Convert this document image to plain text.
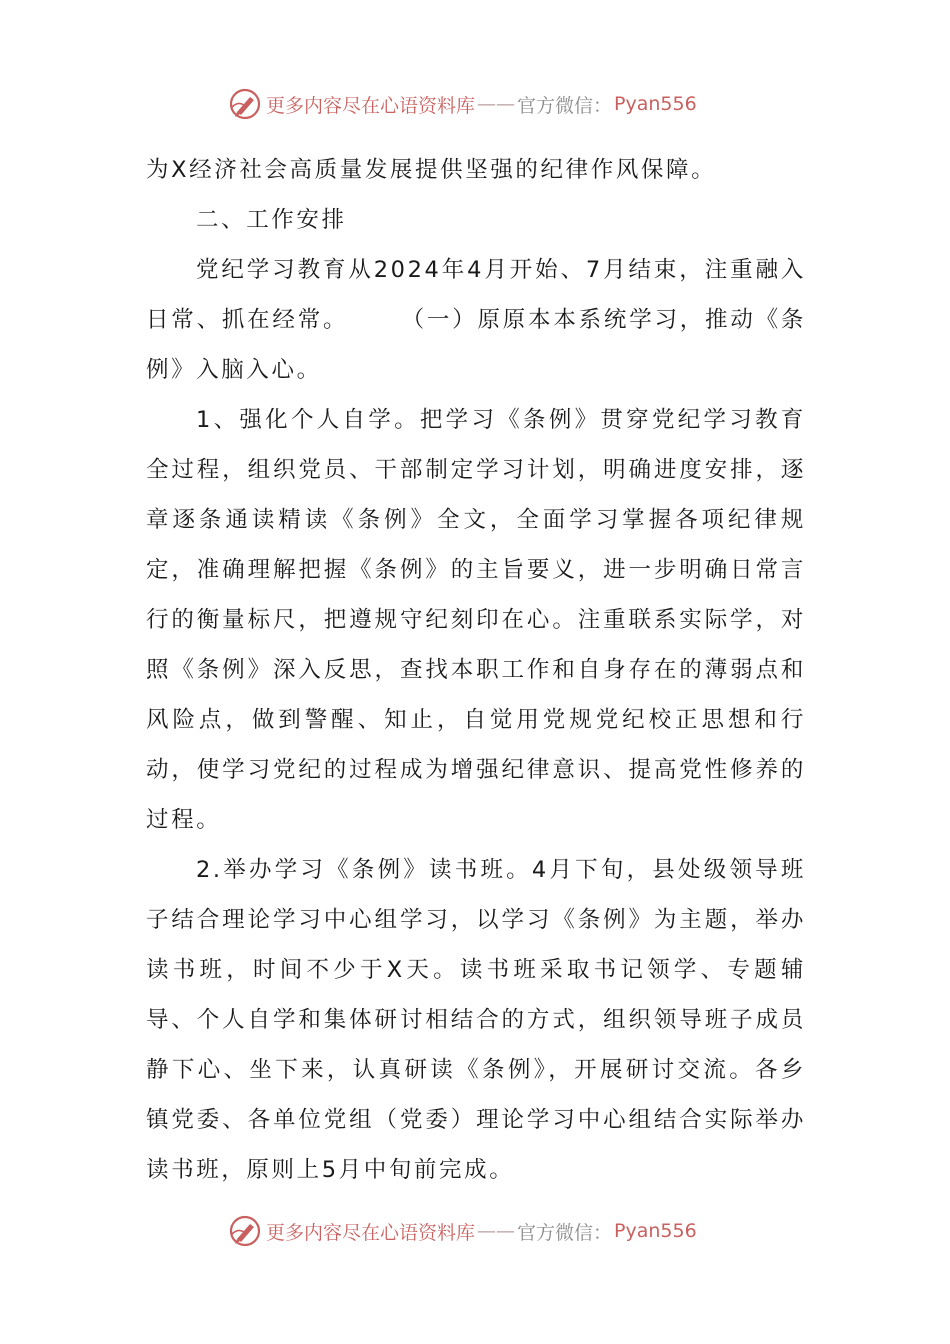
更多内容尽在心语资料库 —— 官方微信： Pyan556

为X经济社会高质量发展提供坚强的纪律作风保障。

二、工作安排

党纪学习教育从2024年4月开始、7月结束，注重融入日常、抓在经常。　　　（一）原原本本系统学习，推动《条例》入脑入心。

1、强化个人自学。把学习《条例》贯穿党纪学习教育全过程，组织党员、干部制定学习计划，明确进度安排，逐章逐条通读精读《条例》全文，全面学习掌握各项纪律规定，准确理解把握《条例》的主旨要义，进一步明确日常言行的衡量标尺，把遵规守纪刻印在心。注重联系实际学，对照《条例》深入反思，查找本职工作和自身存在的薄弱点和风险点，做到警醒、知止，自觉用党规党纪校正思想和行动，使学习党纪的过程成为增强纪律意识、提高党性修养的过程。

2.举办学习《条例》读书班。4月下旬，县处级领导班子结合理论学习中心组学习，以学习《条例》为主题，举办读书班，时间不少于X天。读书班采取书记领学、专题辅导、个人自学和集体研讨相结合的方式，组织领导班子成员静下心、坐下来，认真研读《条例》，开展研讨交流。各乡镇党委、各单位党组（党委）理论学习中心组结合实际举办读书班，原则上5月中旬前完成。

更多内容尽在心语资料库 —— 官方微信： Pyan556
